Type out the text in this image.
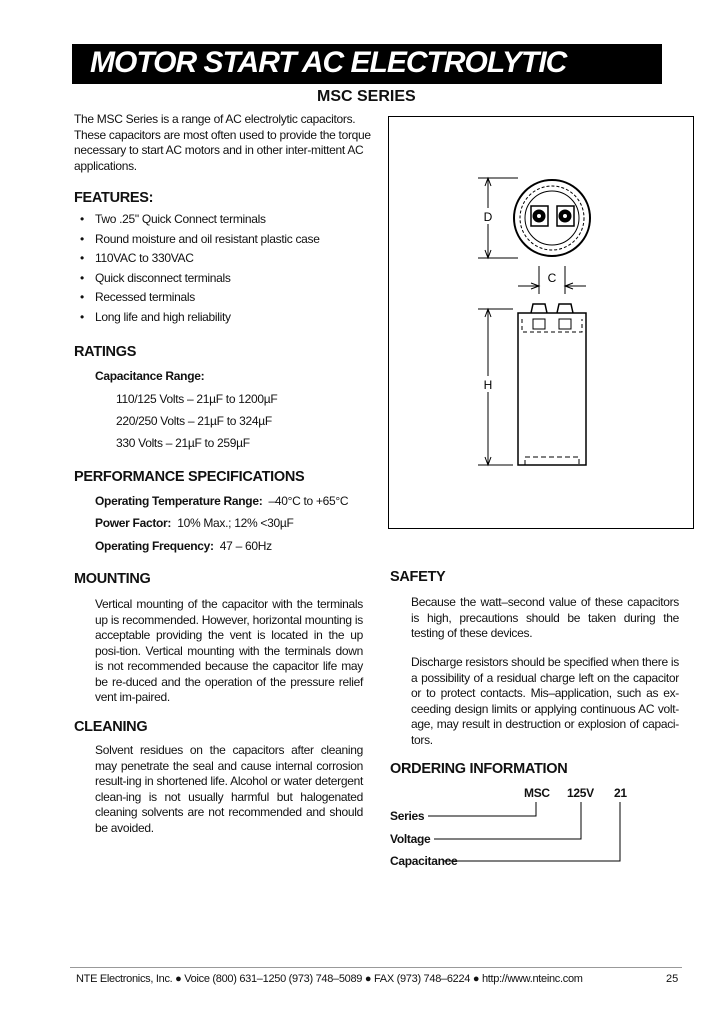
MOTOR START AC ELECTROLYTIC
MSC SERIES
The MSC Series is a range of AC electrolytic capacitors. These capacitors are most often used to provide the torque necessary to start AC motors and in other inter-mittent AC applications.
FEATURES:
• Two .25" Quick Connect terminals
• Round moisture and oil resistant plastic case
• 110VAC to 330VAC
• Quick disconnect terminals
• Recessed terminals
• Long life and high reliability
RATINGS
Capacitance Range:
110/125 Volts – 21µF to 1200µF
220/250 Volts – 21µF to 324µF
330 Volts – 21µF to 259µF
PERFORMANCE SPECIFICATIONS
Operating Temperature Range: –40°C to +65°C
Power Factor: 10% Max.; 12% <30µF
Operating Frequency: 47 – 60Hz
MOUNTING
Vertical mounting of the capacitor with the terminals up is recommended. However, horizontal mounting is acceptable providing the vent is located in the up posi-tion. Vertical mounting with the terminals down is not recommended because the capacitor life may be re-duced and the operation of the pressure relief vent im-paired.
CLEANING
Solvent residues on the capacitors after cleaning may penetrate the seal and cause internal corrosion result-ing in shortened life. Alcohol or water detergent clean-ing is not usually harmful but halogenated cleaning solvents are not recommended and should be avoided.
D
C
H
SAFETY
Because the watt–second value of these capacitors is high, precautions should be taken during the testing of these devices.
Discharge resistors should be specified when there is a possibility of a residual charge left on the capacitor or to protect contacts. Mis–application, such as ex-ceeding design limits or applying continuous AC volt-age, may result in destruction or explosion of capaci-tors.
ORDERING INFORMATION
MSC 125V 21
Series
Voltage
Capacitance
NTE Electronics, Inc. ● Voice (800) 631–1250 (973) 748–5089 ● FAX (973) 748–6224 ● http://www.nteinc.com	25
